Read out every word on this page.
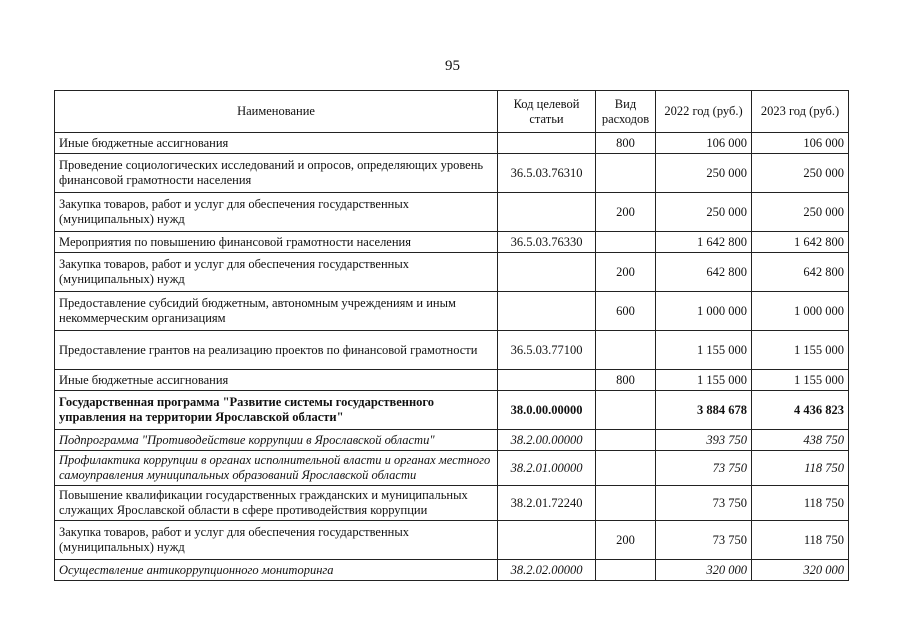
95
Наименование	Код целевой статьи	Вид расходов	2022 год (руб.)	2023 год (руб.)
Иные бюджетные ассигнования		800	106 000	106 000
Проведение социологических исследований и опросов, определяющих уровень финансовой грамотности населения	36.5.03.76310		250 000	250 000
Закупка товаров, работ и услуг для обеспечения государственных (муниципальных) нужд		200	250 000	250 000
Мероприятия по повышению финансовой грамотности населения	36.5.03.76330		1 642 800	1 642 800
Закупка товаров, работ и услуг для обеспечения государственных (муниципальных) нужд		200	642 800	642 800
Предоставление субсидий бюджетным, автономным учреждениям и иным некоммерческим организациям		600	1 000 000	1 000 000
Предоставление грантов на реализацию проектов по финансовой грамотности	36.5.03.77100		1 155 000	1 155 000
Иные бюджетные ассигнования		800	1 155 000	1 155 000
Государственная программа "Развитие системы государственного управления на территории Ярославской области"	38.0.00.00000		3 884 678	4 436 823
Подпрограмма "Противодействие коррупции в Ярославской области"	38.2.00.00000		393 750	438 750
Профилактика коррупции в органах исполнительной власти и органах местного самоуправления муниципальных образований Ярославской области	38.2.01.00000		73 750	118 750
Повышение квалификации государственных гражданских и муниципальных служащих Ярославской области в сфере противодействия коррупции	38.2.01.72240		73 750	118 750
Закупка товаров, работ и услуг для обеспечения государственных (муниципальных) нужд		200	73 750	118 750
Осуществление антикоррупционного мониторинга	38.2.02.00000		320 000	320 000
